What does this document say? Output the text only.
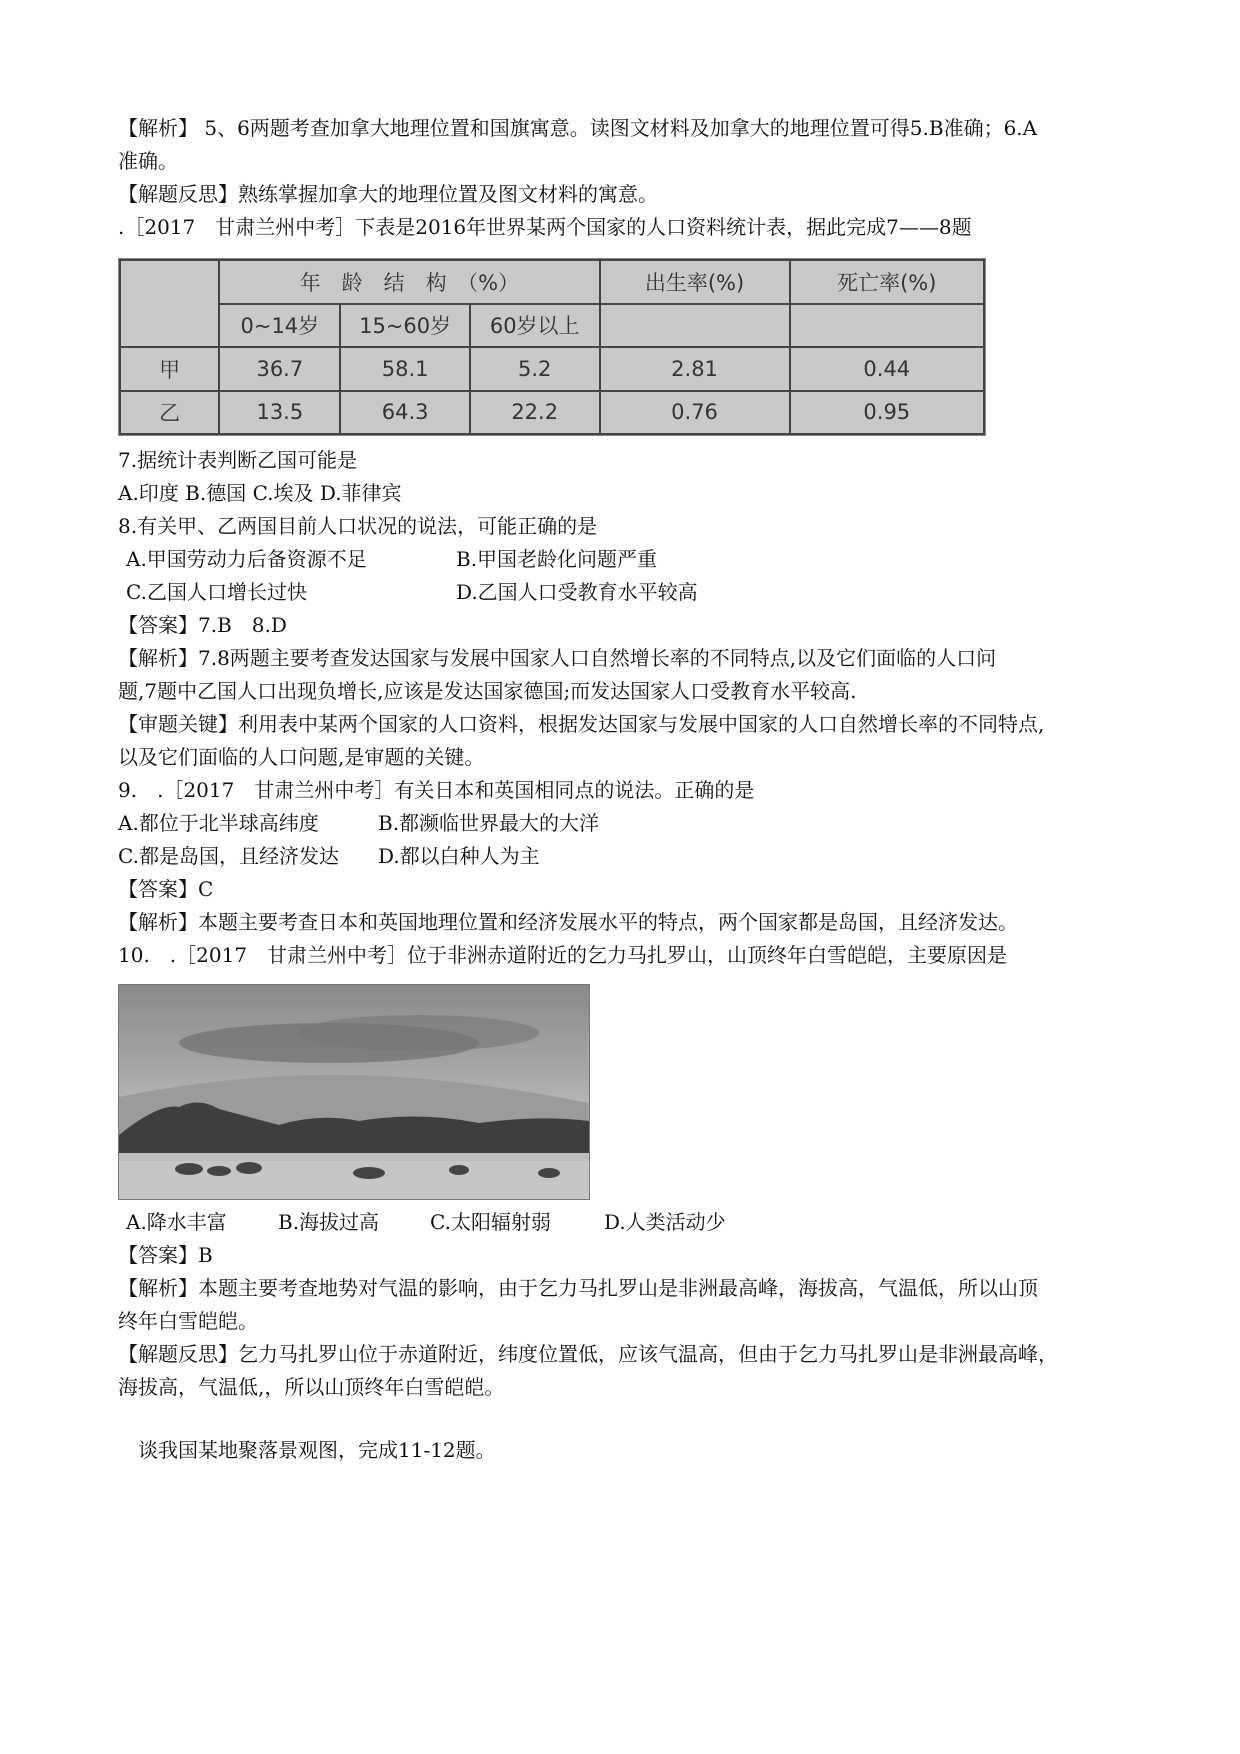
【解析】 5、6两题考查加拿大地理位置和国旗寓意。读图文材料及加拿大的地理位置可得5.B准确；6.A

准确。

【解题反思】熟练掌握加拿大的地理位置及图文材料的寓意。

.［2017　甘肃兰州中考］下表是2016年世界某两个国家的人口资料统计表，据此完成7——8题

	年　龄　结　构　（%）			出生率(%)	死亡率(%)
	0~14岁	15~60岁	60岁以上		
甲	36.7	58.1	5.2	2.81	0.44
乙	13.5	64.3	22.2	0.76	0.95

7.据统计表判断乙国可能是

A.印度 B.德国 C.埃及 D.菲律宾

8.有关甲、乙两国目前人口状况的说法，可能正确的是

A.甲国劳动力后备资源不足	B.甲国老龄化问题严重
C.乙国人口增长过快	D.乙国人口受教育水平较高

【答案】7.B　8.D

【解析】7.8两题主要考查发达国家与发展中国家人口自然增长率的不同特点,以及它们面临的人口问

题,7题中乙国人口出现负增长,应该是发达国家德国;而发达国家人口受教育水平较高.

【审题关键】利用表中某两个国家的人口资料，根据发达国家与发展中国家的人口自然增长率的不同特点,

以及它们面临的人口问题,是审题的关键。

9.　.［2017　甘肃兰州中考］有关日本和英国相同点的说法。正确的是

A.都位于北半球高纬度	B.都濒临世界最大的大洋
C.都是岛国，且经济发达	D.都以白种人为主

【答案】C

【解析】本题主要考查日本和英国地理位置和经济发展水平的特点，两个国家都是岛国，且经济发达。

10.　.［2017　甘肃兰州中考］位于非洲赤道附近的乞力马扎罗山，山顶终年白雪皑皑，主要原因是

A.降水丰富	B.海拔过高	C.太阳辐射弱	D.人类活动少

【答案】B

【解析】本题主要考查地势对气温的影响，由于乞力马扎罗山是非洲最高峰，海拔高，气温低，所以山顶

终年白雪皑皑。

【解题反思】乞力马扎罗山位于赤道附近，纬度位置低，应该气温高，但由于乞力马扎罗山是非洲最高峰，

海拔高，气温低,，所以山顶终年白雪皑皑。

　谈我国某地聚落景观图，完成11-12题。
